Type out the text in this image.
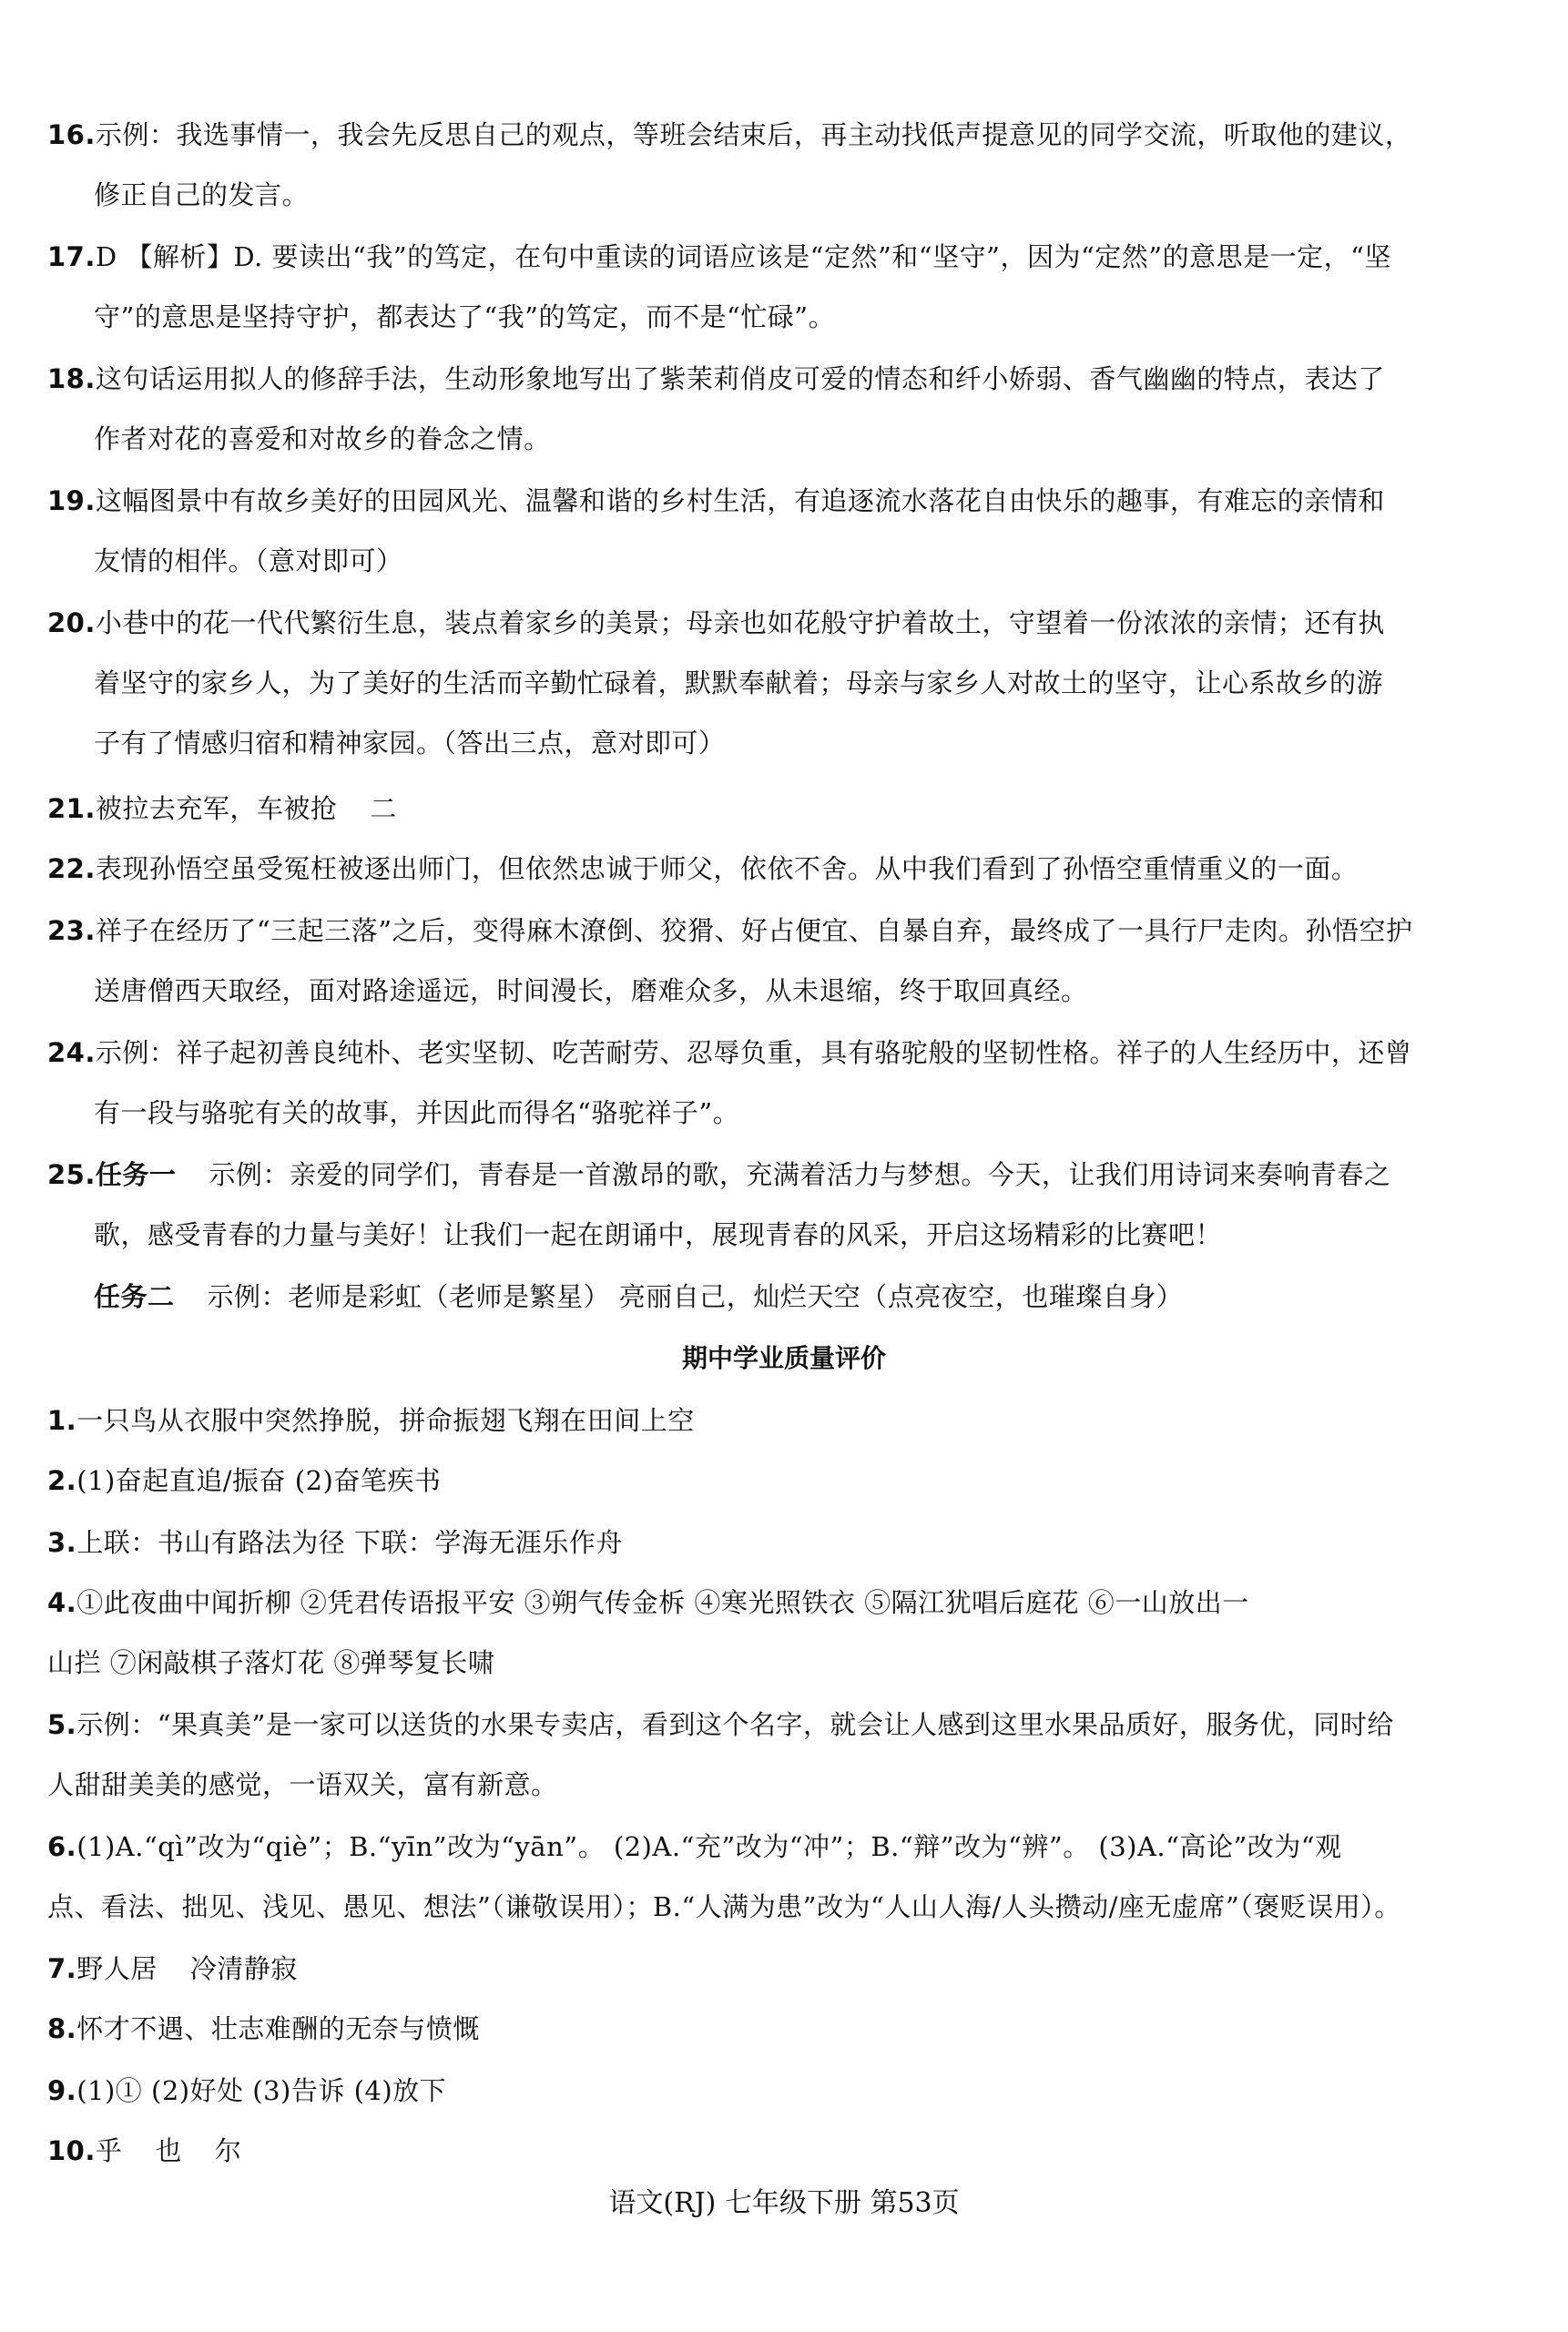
16.示例：我选事情一，我会先反思自己的观点，等班会结束后，再主动找低声提意见的同学交流，听取他的建议，
修正自己的发言。
17.D 【解析】D. 要读出“我”的笃定，在句中重读的词语应该是“定然”和“坚守”，因为“定然”的意思是一定，“坚
守”的意思是坚持守护，都表达了“我”的笃定，而不是“忙碌”。
18.这句话运用拟人的修辞手法，生动形象地写出了紫茉莉俏皮可爱的情态和纤小娇弱、香气幽幽的特点，表达了
作者对花的喜爱和对故乡的眷念之情。
19.这幅图景中有故乡美好的田园风光、温馨和谐的乡村生活，有追逐流水落花自由快乐的趣事，有难忘的亲情和
友情的相伴。（意对即可）
20.小巷中的花一代代繁衍生息，装点着家乡的美景；母亲也如花般守护着故土，守望着一份浓浓的亲情；还有执
着坚守的家乡人，为了美好的生活而辛勤忙碌着，默默奉献着；母亲与家乡人对故土的坚守，让心系故乡的游
子有了情感归宿和精神家园。（答出三点，意对即可）
21.被拉去充军，车被抢 二
22.表现孙悟空虽受冤枉被逐出师门，但依然忠诚于师父，依依不舍。从中我们看到了孙悟空重情重义的一面。
23.祥子在经历了“三起三落”之后，变得麻木潦倒、狡猾、好占便宜、自暴自弃，最终成了一具行尸走肉。孙悟空护
送唐僧西天取经，面对路途遥远，时间漫长，磨难众多，从未退缩，终于取回真经。
24.示例：祥子起初善良纯朴、老实坚韧、吃苦耐劳、忍辱负重，具有骆驼般的坚韧性格。祥子的人生经历中，还曾
有一段与骆驼有关的故事，并因此而得名“骆驼祥子”。
25.任务一 示例：亲爱的同学们，青春是一首激昂的歌，充满着活力与梦想。今天，让我们用诗词来奏响青春之
歌，感受青春的力量与美好！让我们一起在朗诵中，展现青春的风采，开启这场精彩的比赛吧！
任务二 示例：老师是彩虹（老师是繁星） 亮丽自己，灿烂天空（点亮夜空，也璀璨自身）
期中学业质量评价
1.一只鸟从衣服中突然挣脱，拼命振翅飞翔在田间上空
2.(1)奋起直追/振奋 (2)奋笔疾书
3.上联：书山有路法为径 下联：学海无涯乐作舟
4.①此夜曲中闻折柳 ②凭君传语报平安 ③朔气传金柝 ④寒光照铁衣 ⑤隔江犹唱后庭花 ⑥一山放出一
山拦 ⑦闲敲棋子落灯花 ⑧弹琴复长啸
5.示例：“果真美”是一家可以送货的水果专卖店，看到这个名字，就会让人感到这里水果品质好，服务优，同时给
人甜甜美美的感觉，一语双关，富有新意。
6.(1)A.“qì”改为“qiè”；B.“yīn”改为“yān”。 (2)A.“充”改为“冲”；B.“辩”改为“辨”。 (3)A.“高论”改为“观
点、看法、拙见、浅见、愚见、想法”（谦敬误用）；B.“人满为患”改为“人山人海/人头攒动/座无虚席”（褒贬误用）。
7.野人居 冷清静寂
8.怀才不遇、壮志难酬的无奈与愤慨
9.(1)① (2)好处 (3)告诉 (4)放下
10.乎 也 尔
语文(RJ) 七年级下册 第53页
